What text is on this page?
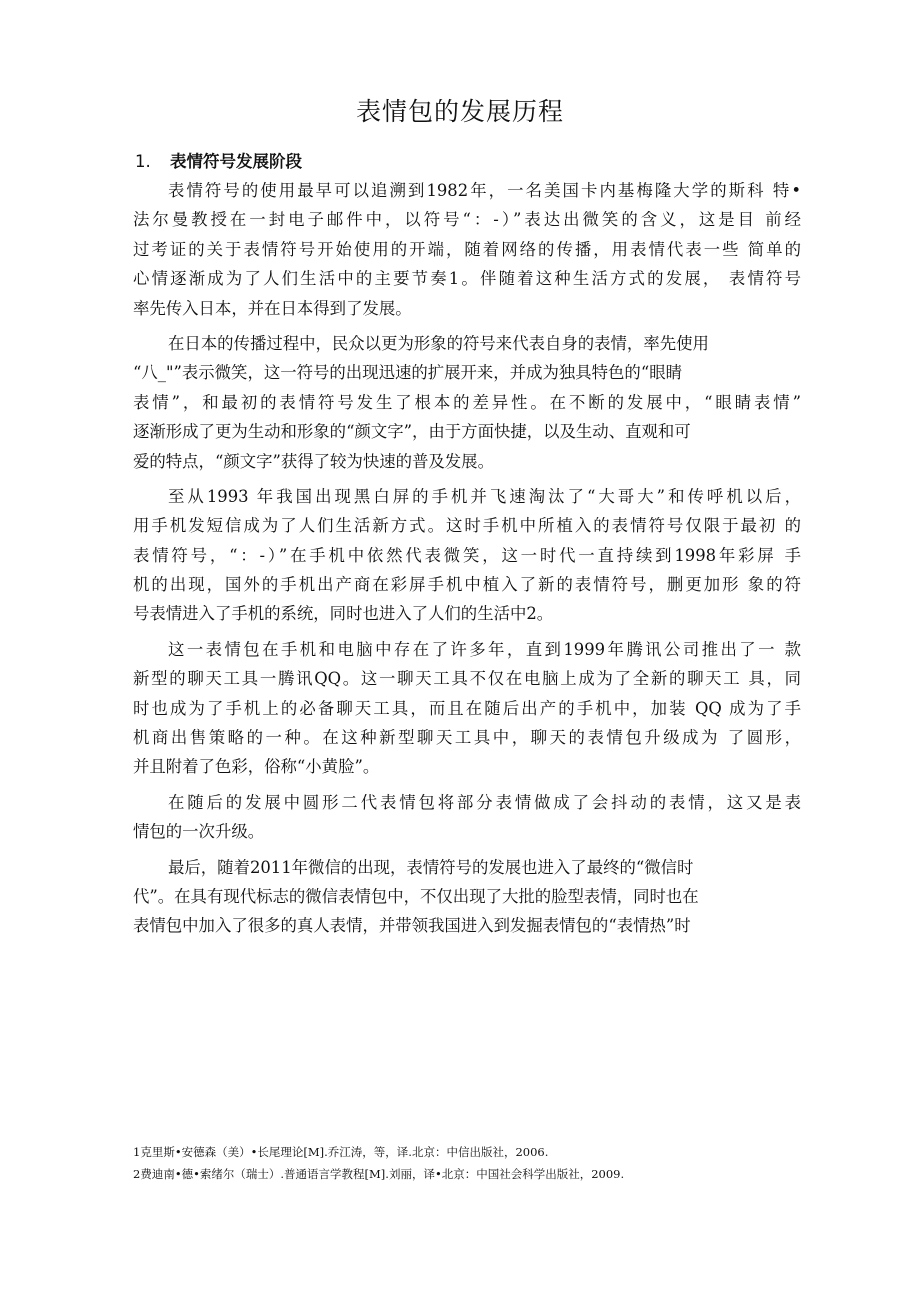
表情包的发展历程
1. 表情符号发展阶段
表情符号的使用最早可以追溯到1982年，一名美国卡内基梅隆大学的斯科 特•
法尔曼教授在一封电子邮件中，以符号“：-）”表达出微笑的含义，这是目 前经
过考证的关于表情符号开始使用的开端，随着网络的传播，用表情代表一些 简单的
心情逐渐成为了人们生活中的主要节奏1。伴随着这种生活方式的发展， 表情符号
率先传入日本，并在日本得到了发展。
在日本的传播过程中，民众以更为形象的符号来代表自身的表情，率先使用
“八_"”表示微笑，这一符号的出现迅速的扩展开来，并成为独具特色的“眼睛
表情”，和最初的表情符号发生了根本的差异性。在不断的发展中，“眼睛表情”
逐渐形成了更为生动和形象的“颜文字”，由于方面快捷，以及生动、直观和可
爱的特点，“颜文字”获得了较为快速的普及发展。
至从1993 年我国出现黑白屏的手机并飞速淘汰了“大哥大”和传呼机以后，
用手机发短信成为了人们生活新方式。这时手机中所植入的表情符号仅限于最初 的
表情符号，“：-）”在手机中依然代表微笑，这一时代一直持续到1998年彩屏 手
机的出现，国外的手机出产商在彩屏手机中植入了新的表情符号，删更加形 象的符
号表情进入了手机的系统，同时也进入了人们的生活中2。
这一表情包在手机和电脑中存在了许多年，直到1999年腾讯公司推出了一 款
新型的聊天工具一腾讯QQ。这一聊天工具不仅在电脑上成为了全新的聊天工 具，同
时也成为了手机上的必备聊天工具，而且在随后出产的手机中，加装 QQ 成为了手
机商出售策略的一种。在这种新型聊天工具中，聊天的表情包升级成为 了圆形，
并且附着了色彩，俗称“小黄脸”。
在随后的发展中圆形二代表情包将部分表情做成了会抖动的表情，这又是表
情包的一次升级。
最后，随着2011年微信的出现，表情符号的发展也进入了最终的“微信时
代”。在具有现代标志的微信表情包中，不仅出现了大批的脸型表情，同时也在
表情包中加入了很多的真人表情，并带领我国进入到发掘表情包的“表情热”时
1克里斯•安德森（美）•长尾理论[M].乔江涛，等，译.北京：中信出版社，2006.
2费迪南•德•索绪尔（瑞士）.普通语言学教程[M].刘丽，译•北京：中国社会科学出版社，2009.
